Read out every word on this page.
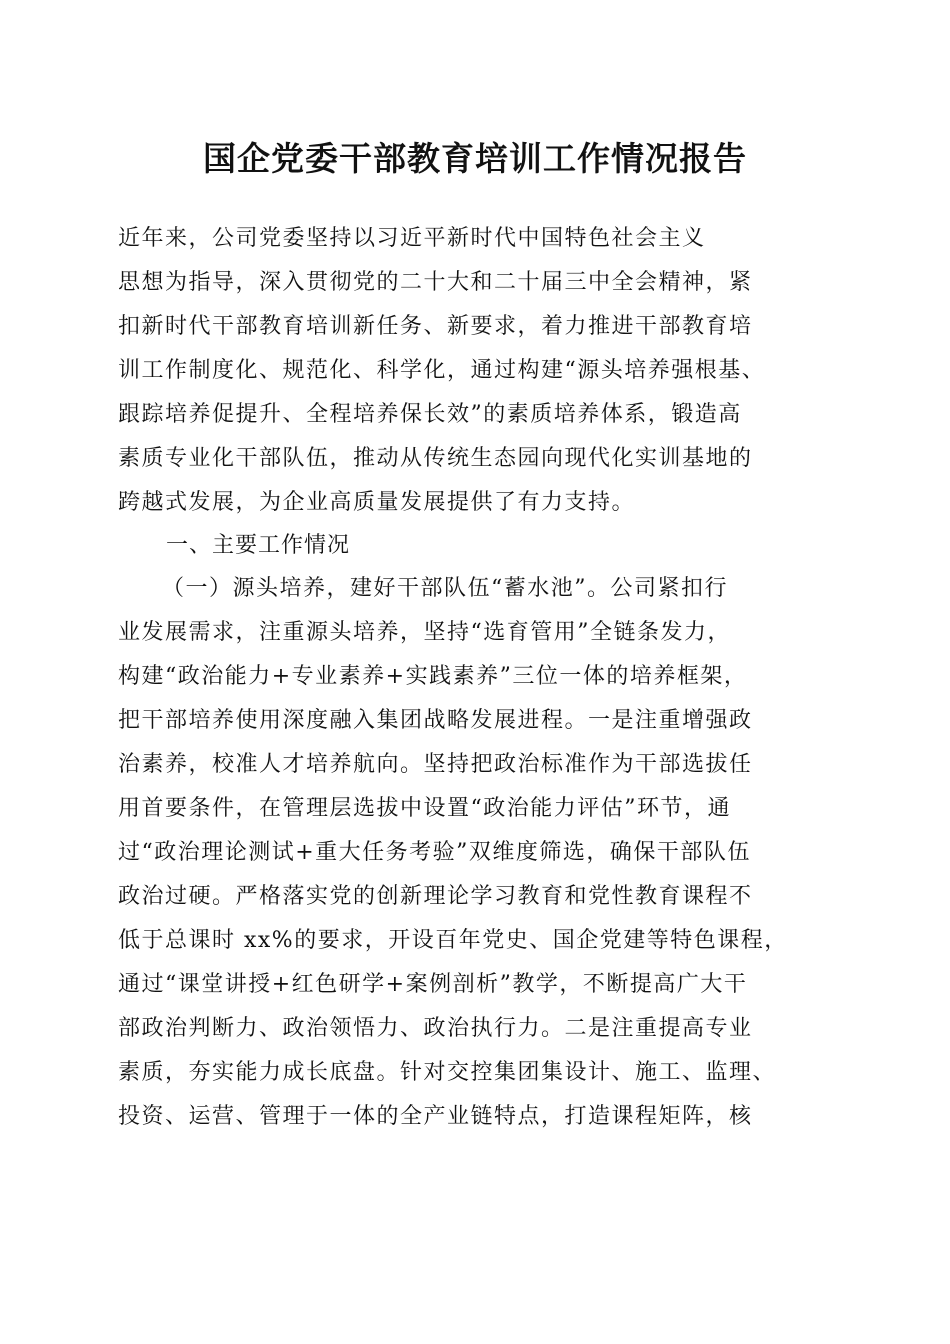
国企党委干部教育培训工作情况报告

近年来，公司党委坚持以习近平新时代中国特色社会主义

思想为指导，深入贯彻党的二十大和二十届三中全会精神，紧

扣新时代干部教育培训新任务、新要求，着力推进干部教育培

训工作制度化、规范化、科学化，通过构建“源头培养强根基、

跟踪培养促提升、全程培养保长效”的素质培养体系，锻造高

素质专业化干部队伍，推动从传统生态园向现代化实训基地的

跨越式发展，为企业高质量发展提供了有力支持。

一、主要工作情况

（一）源头培养，建好干部队伍“蓄水池”。公司紧扣行

业发展需求，注重源头培养，坚持“选育管用”全链条发力，

构建“政治能力+专业素养+实践素养”三位一体的培养框架，

把干部培养使用深度融入集团战略发展进程。一是注重增强政

治素养，校准人才培养航向。坚持把政治标准作为干部选拔任

用首要条件，在管理层选拔中设置“政治能力评估”环节，通

过“政治理论测试+重大任务考验”双维度筛选，确保干部队伍

政治过硬。严格落实党的创新理论学习教育和党性教育课程不

低于总课时 xx%的要求，开设百年党史、国企党建等特色课程，

通过“课堂讲授+红色研学+案例剖析”教学，不断提高广大干

部政治判断力、政治领悟力、政治执行力。二是注重提高专业

素质，夯实能力成长底盘。针对交控集团集设计、施工、监理、

投资、运营、管理于一体的全产业链特点，打造课程矩阵，核
